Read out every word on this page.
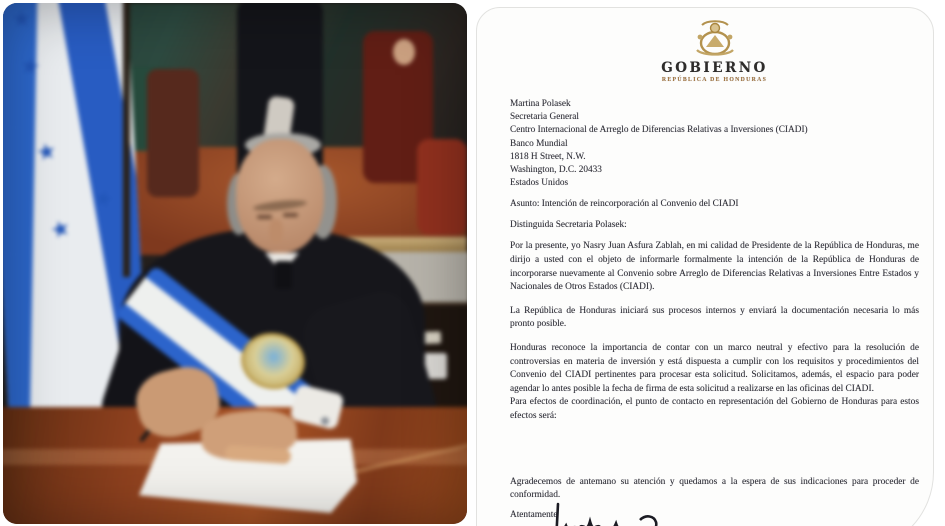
★
★
★
★
★
GOBIERNO
REPÚBLICA DE HONDURAS
Martina Polasek
Secretaria General
Centro Internacional de Arreglo de Diferencias Relativas a Inversiones (CIADI)
Banco Mundial
1818 H Street, N.W.
Washington, D.C. 20433
Estados Unidos
Asunto: Intención de reincorporación al Convenio del CIADI
Distinguida Secretaria Polasek:

Por la presente, yo Nasry Juan Asfura Zablah, en mi calidad de Presidente de la República de Honduras, me dirijo a usted con el objeto de informarle formalmente la intención de la República de Honduras de incorporarse nuevamente al Convenio sobre Arreglo de Diferencias Relativas a Inversiones Entre Estados y Nacionales de Otros Estados (CIADI).

La República de Honduras iniciará sus procesos internos y enviará la documentación necesaria lo más pronto posible.

Honduras reconoce la importancia de contar con un marco neutral y efectivo para la resolución de controversias en materia de inversión y está dispuesta a cumplir con los requisitos y procedimientos del Convenio del CIADI pertinentes para procesar esta solicitud. Solicitamos, además, el espacio para poder agendar lo antes posible la fecha de firma de esta solicitud a realizarse en las oficinas del CIADI.

Para efectos de coordinación, el punto de contacto en representación del Gobierno de Honduras para estos efectos será:

Agradecemos de antemano su atención y quedamos a la espera de sus indicaciones para proceder de conformidad.

Atentamente
